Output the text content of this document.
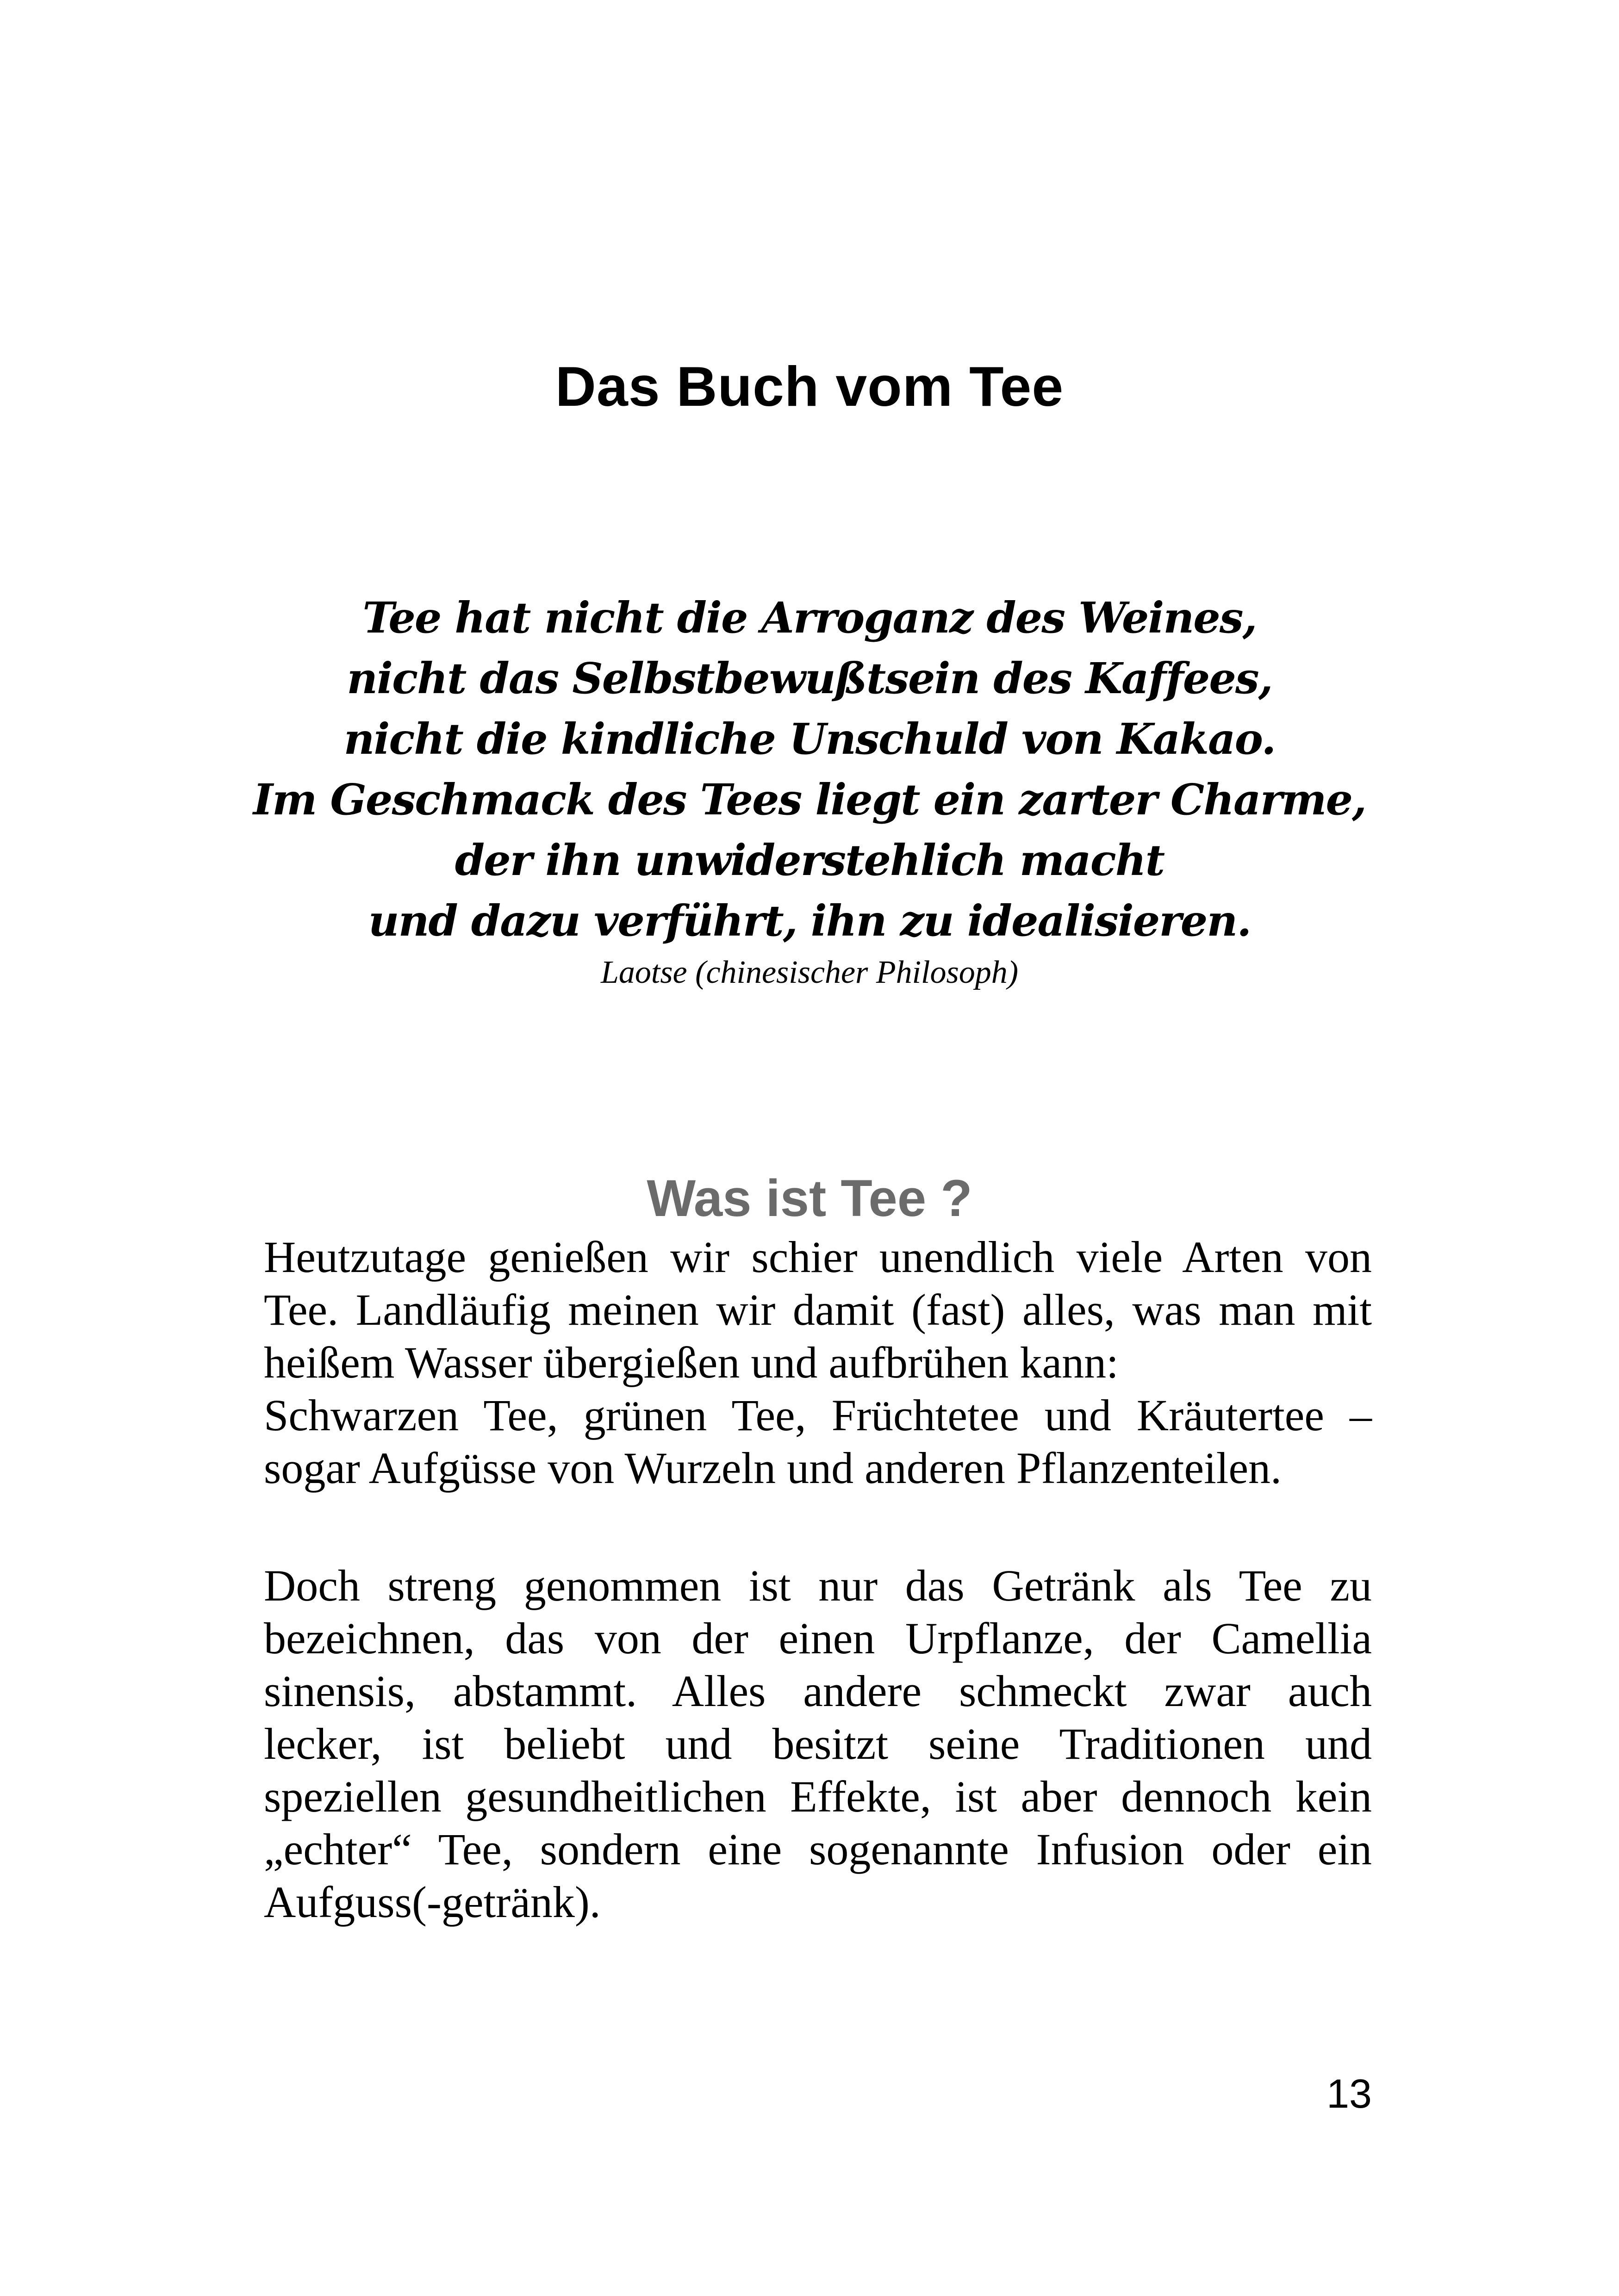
Das Buch vom Tee
Tee hat nicht die Arroganz des Weines,
nicht das Selbstbewußtsein des Kaffees,
nicht die kindliche Unschuld von Kakao.
Im Geschmack des Tees liegt ein zarter Charme,
der ihn unwiderstehlich macht
und dazu verführt, ihn zu idealisieren.
Laotse (chinesischer Philosoph)
Was ist Tee ?
Heutzutage genießen wir schier unendlich viele Arten von
Tee. Landläufig meinen wir damit (fast) alles, was man mit
heißem Wasser übergießen und aufbrühen kann:
Schwarzen Tee, grünen Tee, Früchtetee und Kräutertee –
sogar Aufgüsse von Wurzeln und anderen Pflanzenteilen.
Doch streng genommen ist nur das Getränk als Tee zu
bezeichnen, das von der einen Urpflanze, der Camellia
sinensis, abstammt. Alles andere schmeckt zwar auch
lecker, ist beliebt und besitzt seine Traditionen und
speziellen gesundheitlichen Effekte, ist aber dennoch kein
„echter“ Tee, sondern eine sogenannte Infusion oder ein
Aufguss(-getränk).
13
